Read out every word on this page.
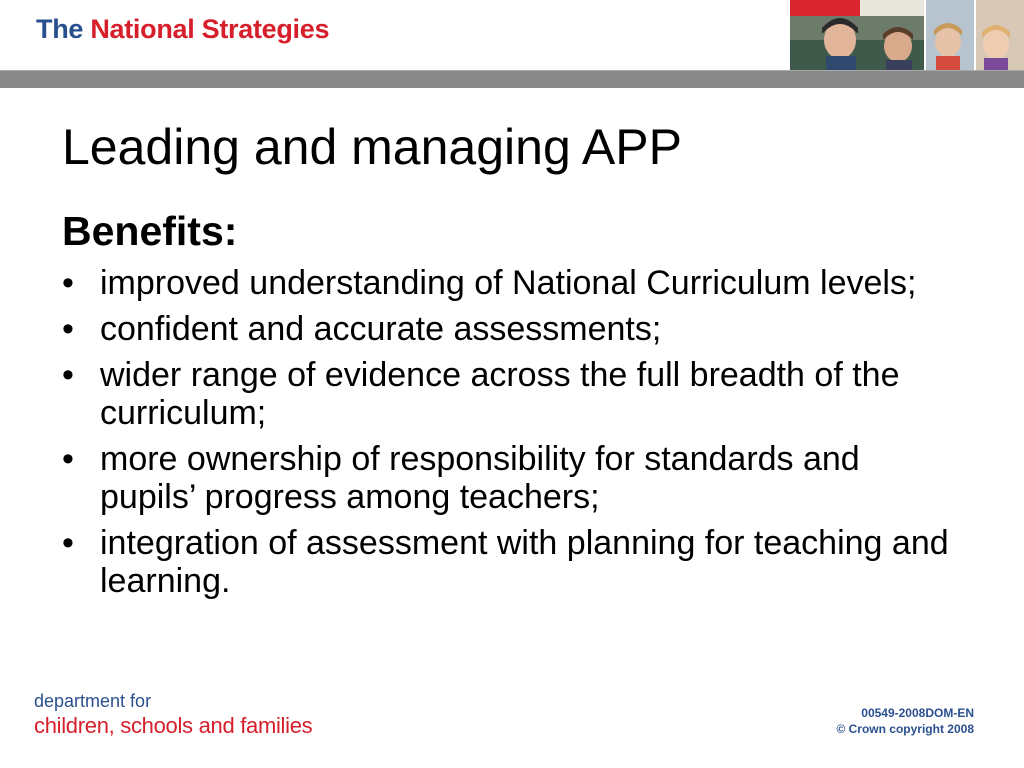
The National Strategies
Leading and managing APP
Benefits:
• improved understanding of National Curriculum levels;
• confident and accurate assessments;
• wider range of evidence across the full breadth of the curriculum;
• more ownership of responsibility for standards and pupils’ progress among teachers;
• integration of assessment with planning for teaching and learning.
department for
children, schools and families	00549-2008DOM-EN
© Crown copyright 2008
